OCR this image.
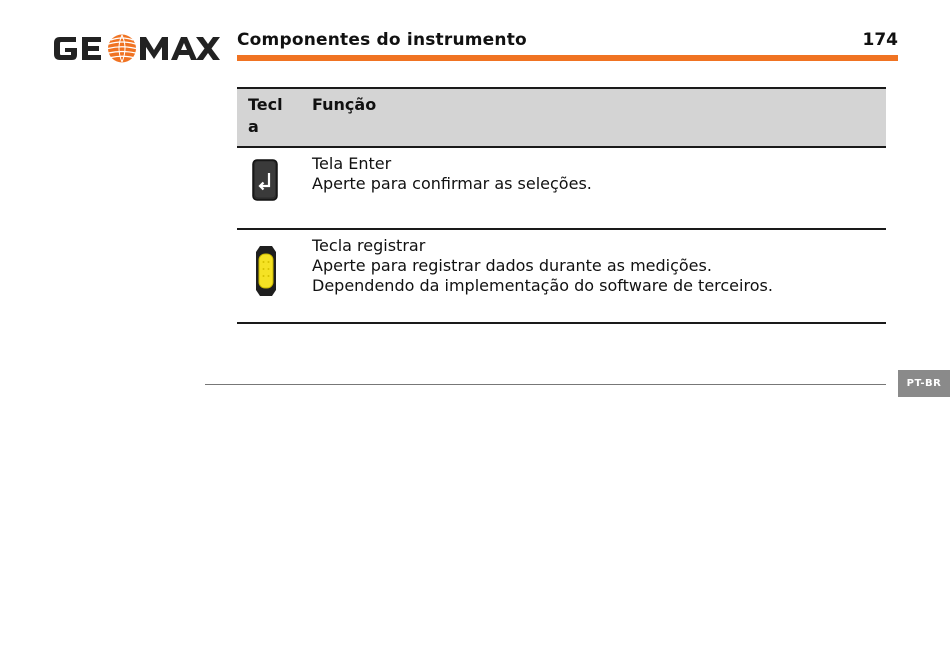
Componentes do instrumento	174
Tecl
a	Função

Tela Enter
Aperte para confirmar as seleções.

Tecla registrar
Aperte para registrar dados durante as medições.
Dependendo da implementação do software de terceiros.
PT-BR
